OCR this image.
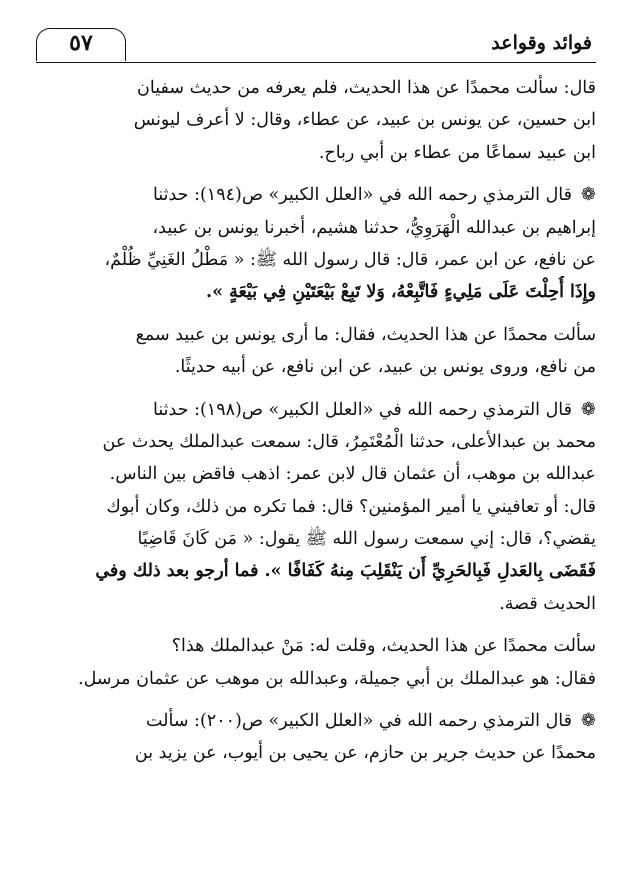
٥٧	فوائد وقواعد
قال: سألت محمدًا عن هذا الحديث، فلم يعرفه من حديث سفيان
ابن حسين، عن يونس بن عبيد، عن عطاء، وقال: لا أعرف ليونس
ابن عبيد سماعًا من عطاء بن أبي رباح.
❁قال الترمذي رحمه الله في «العلل الكبير» ص(١٩٤): حدثنا
إبراهيم بن عبدالله الْهَرَوِيُّ، حدثنا هشيم، أخبرنا يونس بن عبيد،
عن نافع، عن ابن عمر، قال: قال رسول الله ﷺ: « مَطْلُ الغَنِيِّ ظُلْمٌ،
وإِذَا أُحِلْتَ عَلَى مَلِيءٍ فَاتَّبِعْهُ، وَلا تَبِعْ بَيْعَتَيْنِ فِي بَيْعَةٍ ».
سألت محمدًا عن هذا الحديث، فقال: ما أرى يونس بن عبيد سمع
من نافع، وروى يونس بن عبيد، عن ابن نافع، عن أبيه حديثًا.
❁قال الترمذي رحمه الله في «العلل الكبير» ص(١٩٨): حدثنا
محمد بن عبدالأعلى، حدثنا الْمُعْتَمِرُ، قال: سمعت عبدالملك يحدث عن
عبدالله بن موهب، أن عثمان قال لابن عمر: اذهب فاقض بين الناس.
قال: أو تعافيني يا أمير المؤمنين؟ قال: فما تكره من ذلك، وكان أبوك
يقضي؟، قال: إني سمعت رسول الله ﷺ يقول: « مَن كَانَ قَاضِيًا
فَقَضَى بِالعَدلِ فَبِالحَرِيِّ أَن يَنْقَلِبَ مِنهُ كَفَافًا ». فما أرجو بعد ذلك وفي
الحديث قصة.
سألت محمدًا عن هذا الحديث، وقلت له: مَنْ عبدالملك هذا؟
فقال: هو عبدالملك بن أبي جميلة، وعبدالله بن موهب عن عثمان مرسل.
❁قال الترمذي رحمه الله في «العلل الكبير» ص(٢٠٠): سألت
محمدًا عن حديث جرير بن حازم، عن يحيى بن أيوب، عن يزيد بن
